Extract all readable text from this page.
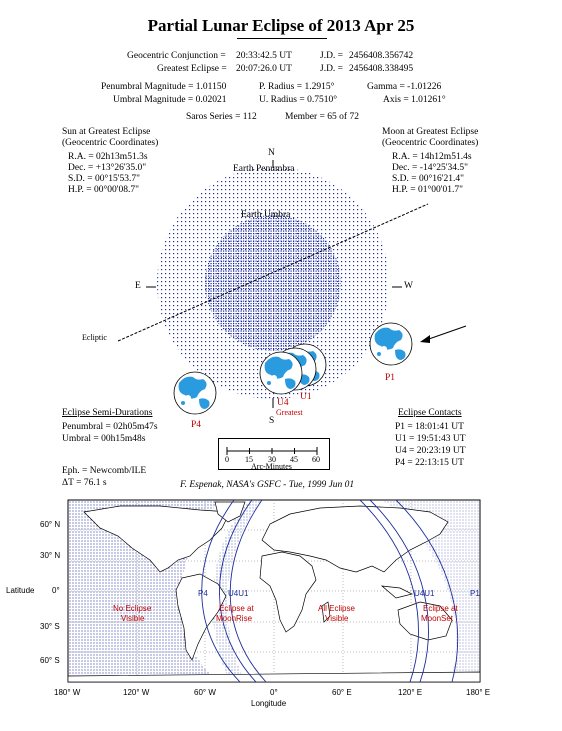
Partial Lunar Eclipse of 2013 Apr 25
Geocentric Conjunction = 20:33:42.5 UT	J.D. = 2456408.356742
Greatest Eclipse = 20:07:26.0 UT	J.D. = 2456408.338495
Penumbral Magnitude = 1.01150	P. Radius = 1.2915°	Gamma = -1.01226
Umbral Magnitude = 0.02021	U. Radius = 0.7510°	Axis = 1.01261°
Saros Series = 112	Member = 65 of 72
Sun at Greatest Eclipse
(Geocentric Coordinates)
R.A. = 02h13m51.3s
Dec. = +13°26'35.0"
S.D. = 00°15'53.7"
H.P. = 00°00'08.7"
Moon at Greatest Eclipse
(Geocentric Coordinates)
R.A. = 14h12m51.4s
Dec. = -14°25'34.5"
S.D. = 00°16'21.4"
H.P. = 01°00'01.7"
N
Earth Penumbra
Earth Umbra
E	W
Ecliptic
P1
P4
U4
U1
Greatest
S
Eclipse Semi-Durations
Penumbral = 02h05m47s
Umbral = 00h15m48s
Eclipse Contacts
P1 = 18:01:41 UT
U1 = 19:51:43 UT
U4 = 20:23:19 UT
P4 = 22:13:15 UT
0 15 30 45 60
Arc-Minutes
Eph. = Newcomb/ILE
ΔT = 76.1 s	F. Espenak, NASA's GSFC - Tue, 1999 Jun 01
60° N
30° N
0°
30° S
60° S
Latitude
180° W	120° W	60° W	0°	60° E	120° E	180° E
Longitude
No Eclipse
Visible
Eclipse at
MoonRise
All Eclipse
Visible
Eclipse at
MoonSet
P4	U4U1	U4U1	P1
